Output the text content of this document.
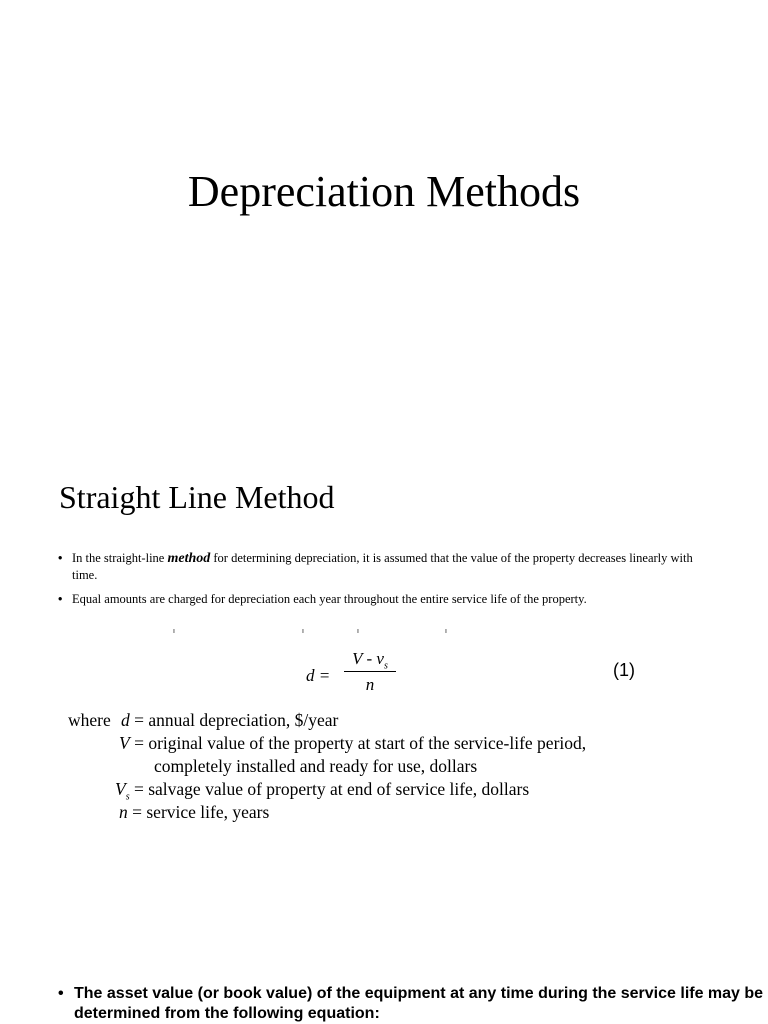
Depreciation Methods
Straight Line Method
• In the straight-line method for determining depreciation, it is assumed that the value of the property decreases linearly with time.
• Equal amounts are charged for depreciation each year throughout the entire service life of the property.
ı	ı	ı	ı
d =
V - $v_s$
n
(1)
where d = annual depreciation, $/year
V = original value of the property at start of the service-life period,
completely installed and ready for use, dollars
$V_s$ = salvage value of property at end of service life, dollars
n = service life, years
• The asset value (or book value) of the equipment at any time during the service life may be determined from the following equation:
